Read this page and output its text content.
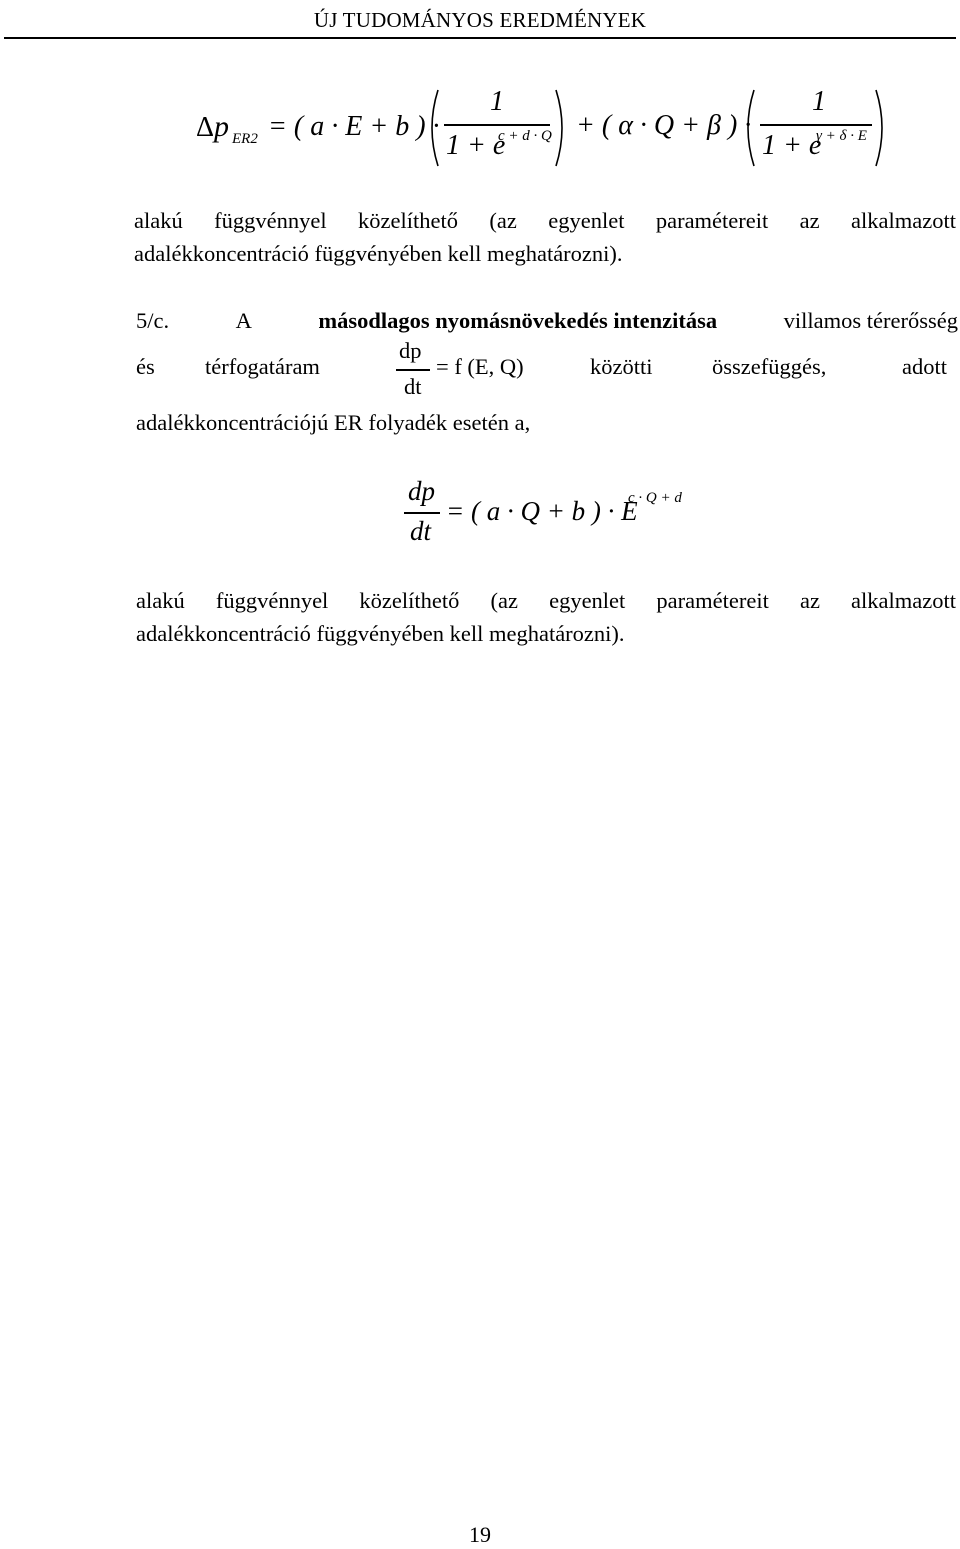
ÚJ TUDOMÁNYOS EREDMÉNYEK
Δ p ER2 = ( a · E + b ) ·
1
1 + e
c + d · Q + ( α · Q + β ) ·
1
1 + e
γ + δ · E
alakú függvénnyel közelíthető (az egyenlet paramétereit az alkalmazott
adalékkoncentráció függvényében kell meghatározni).
5/c.	A	másodlagos nyomásnövekedés intenzitása	villamos térerősség
és térfogatáram
dp
dt
= f (E, Q)	közötti	összefüggés,	adott
adalékkoncentrációjú ER folyadék esetén a,
dp
dt
= ( a · Q + b ) · E
c · Q + d
alakú függvénnyel közelíthető (az egyenlet paramétereit az alkalmazott
adalékkoncentráció függvényében kell meghatározni).
19
